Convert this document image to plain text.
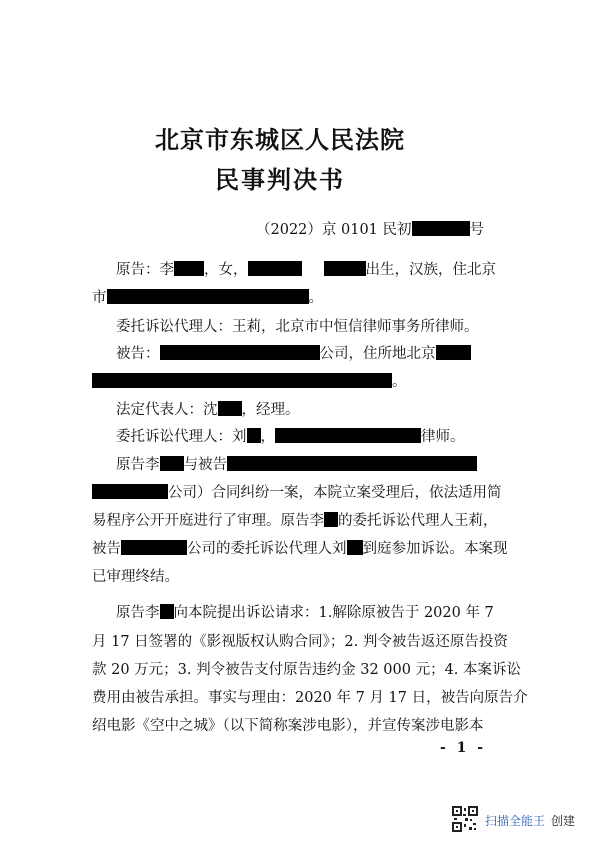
北京市东城区人民法院
民事判决书
（2022）京 0101 民初	号
原告：李 ，女，	出生，汉族，住北京
市	。
委托诉讼代理人：王莉，北京市中恒信律师事务所律师。
被告：	公司，住所地北京
。
法定代表人：沈 ，经理。
委托诉讼代理人：刘 ，	律师。
原告李 与被告
公司）合同纠纷一案，本院立案受理后，依法适用简
易程序公开开庭进行了审理。原告李 的委托诉讼代理人王莉，
被告	公司的委托诉讼代理人刘 到庭参加诉讼。本案现
已审理终结。
原告李 向本院提出诉讼请求：1.解除原被告于 2020 年 7
月 17 日签署的《影视版权认购合同》；2. 判令被告返还原告投资
款 20 万元；3. 判令被告支付原告违约金 32 000 元；4. 本案诉讼
费用由被告承担。事实与理由：2020 年 7 月 17 日，被告向原告介
绍电影《空中之城》（以下简称案涉电影），并宣传案涉电影本
- 1 -
扫描全能王 创建
